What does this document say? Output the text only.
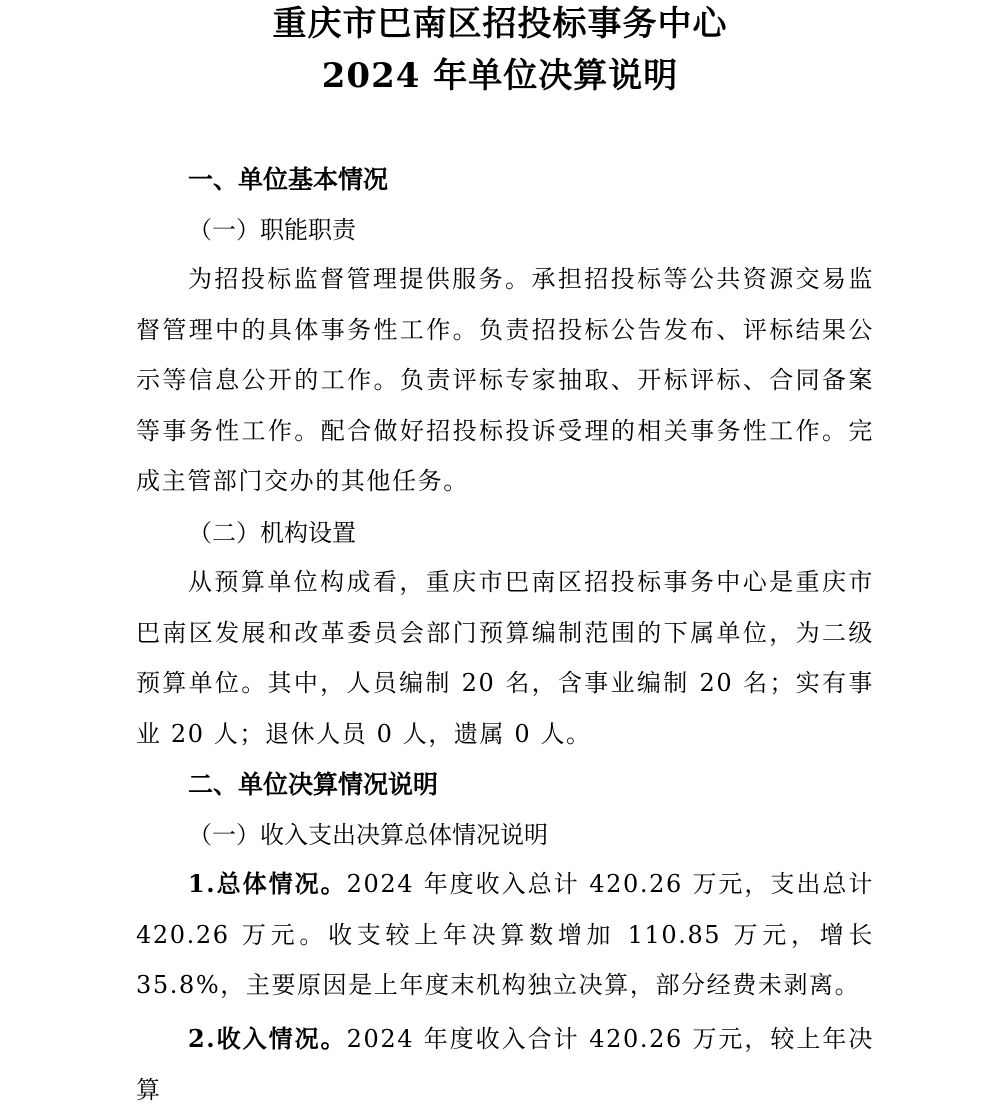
重庆市巴南区招投标事务中心
2024 年单位决算说明
一、单位基本情况
（一）职能职责

为招投标监督管理提供服务。承担招投标等公共资源交易监督管理中的具体事务性工作。负责招投标公告发布、评标结果公示等信息公开的工作。负责评标专家抽取、开标评标、合同备案等事务性工作。配合做好招投标投诉受理的相关事务性工作。完成主管部门交办的其他任务。

（二）机构设置

从预算单位构成看，重庆市巴南区招投标事务中心是重庆市巴南区发展和改革委员会部门预算编制范围的下属单位，为二级预算单位。其中，人员编制 20 名，含事业编制 20 名；实有事业 20 人；退休人员 0 人，遗属 0 人。

二、单位决算情况说明
（一）收入支出决算总体情况说明

1.总体情况。2024 年度收入总计 420.26 万元，支出总计 420.26 万元。收支较上年决算数增加 110.85 万元，增长 35.8%，主要原因是上年度末机构独立决算，部分经费未剥离。

2.收入情况。2024 年度收入合计 420.26 万元，较上年决算
